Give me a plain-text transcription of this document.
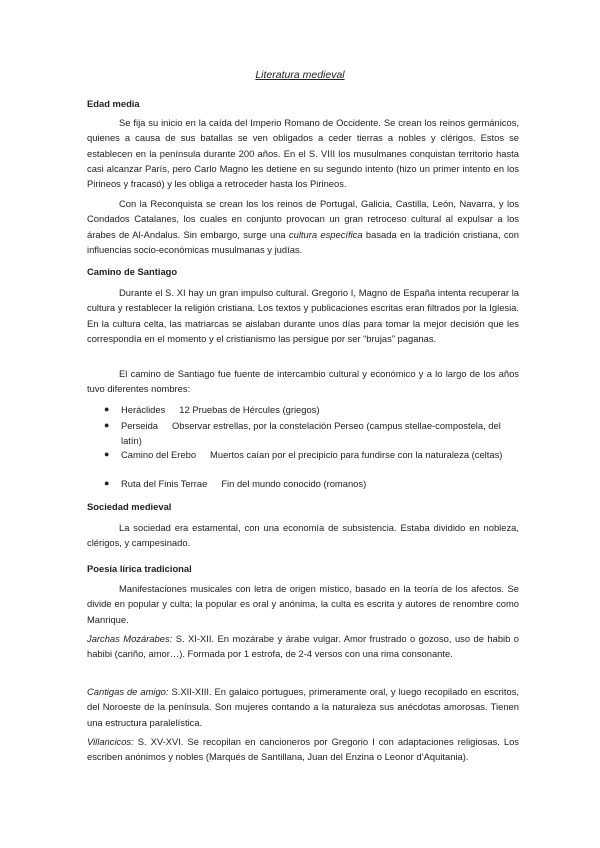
Literatura medieval
Edad media
Se fija su inicio en la caída del Imperio Romano de Occidente. Se crean los reinos germánicos, quienes a causa de sus batallas se ven obligados a ceder tierras a nobles y clérigos. Estos se establecen en la península durante 200 años. En el S. VIII los musulmanes conquistan territorio hasta casi alcanzar París, pero Carlo Magno les detiene en su segundo intento (hizo un primer intento en los Pirineos y fracasó) y les obliga a retroceder hasta los Pirineos.
Con la Reconquista se crean los los reinos de Portugal, Galicia, Castilla, León, Navarra, y los Condados Catalanes, los cuales en conjunto provocan un gran retroceso cultural al expulsar a los árabes de Al-Andalus. Sin embargo, surge una cultura específica basada en la tradición cristiana, con influencias socio-económicas musulmanas y judías.
Camino de Santiago
Durante el S. XI hay un gran impulso cultural. Gregorio I, Magno de España intenta recuperar la cultura y restablecer la religión cristiana. Los textos y publicaciones escritas eran filtrados por la Iglesia. En la cultura celta, las matriarcas se aislaban durante unos días para tomar la mejor decisión que les correspondía en el momento y el cristianismo las persigue por ser “brujas” paganas.
El camino de Santiago fue fuente de intercambio cultural y económico y a lo largo de los años tuvo diferentes nombres:
● Heráclides 12 Pruebas de Hércules (griegos)
● Perseida Observar estrellas, por la constelación Perseo (campus stellae-compostela, del latín)
● Camino del Erebo Muertos caían por el precipicio para fundirse con la naturaleza (celtas)
● Ruta del Finis Terrae Fin del mundo conocido (romanos)
Sociedad medieval
La sociedad era estamental, con una economía de subsistencia. Estaba dividido en nobleza, clérigos, y campesinado.
Poesía lírica tradicional
Manifestaciones musicales con letra de origen místico, basado en la teoría de los afectos. Se divide en popular y culta; la popular es oral y anónima, la culta es escrita y autores de renombre como Manrique.
Jarchas Mozárabes: S. XI-XII. En mozárabe y árabe vulgar. Amor frustrado o gozoso, uso de habib o habibi (cariño, amor…). Formada por 1 estrofa, de 2-4 versos con una rima consonante.
Cantigas de amigo: S.XII-XIII. En galaico portugues, primeramente oral, y luego recopilado en escritos, del Noroeste de la península. Son mujeres contando a la naturaleza sus anécdotas amorosas. Tienen una estructura paralelística.
Villancicos: S. XV-XVI. Se recopilan en cancioneros por Gregorio I con adaptaciones religiosas. Los escriben anónimos y nobles (Marqués de Santillana, Juan del Enzina o Leonor d’Aquitania).
